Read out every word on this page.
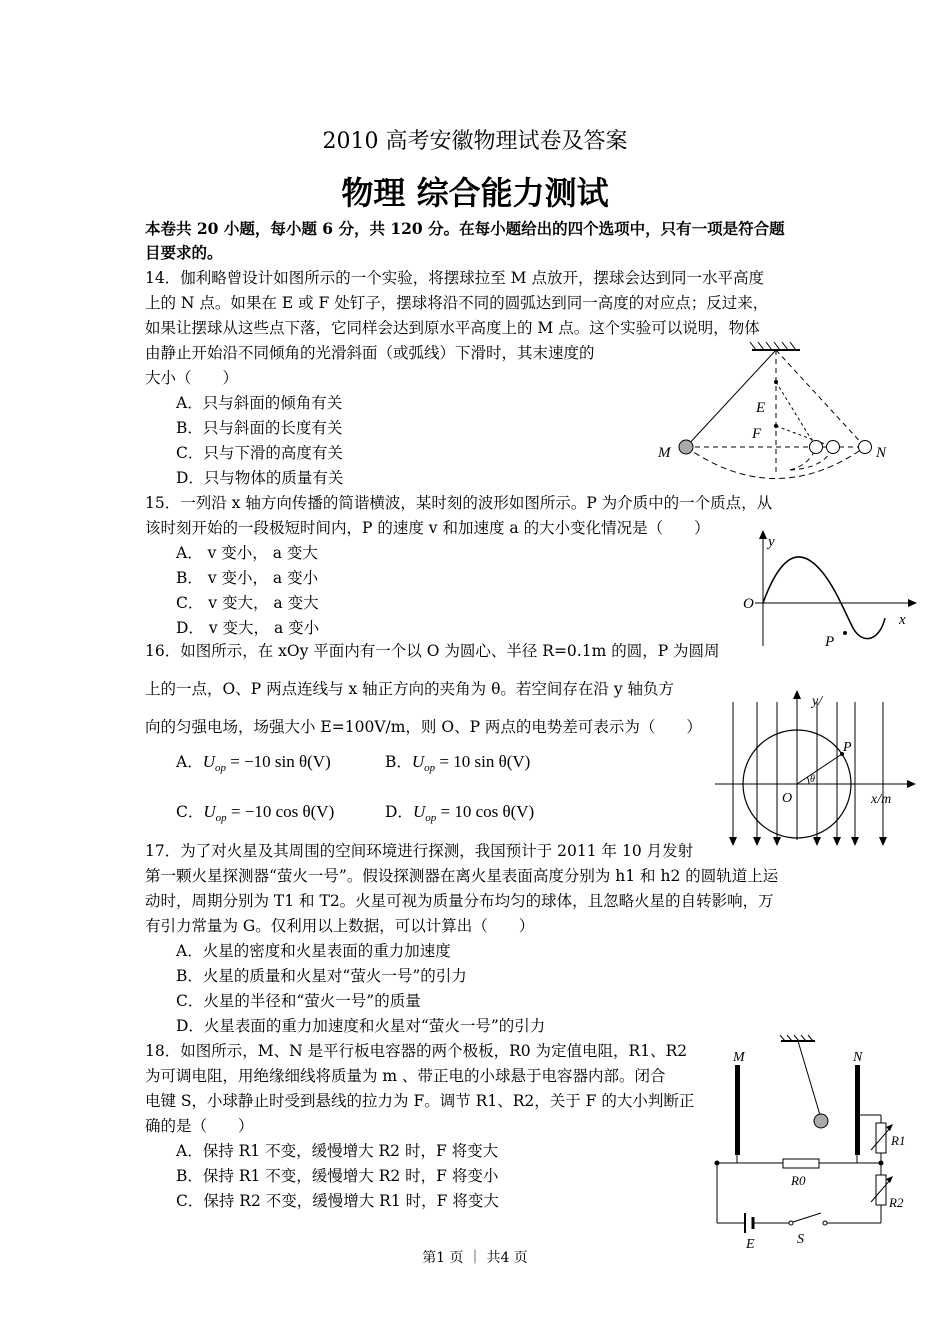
2010 高考安徽物理试卷及答案
物理 综合能力测试
本卷共 20 小题，每小题 6 分，共 120 分。在每小题给出的四个选项中，只有一项是符合题
目要求的。
14．伽利略曾设计如图所示的一个实验，将摆球拉至 M 点放开，摆球会达到同一水平高度
上的 N 点。如果在 E 或 F 处钉子，摆球将沿不同的圆弧达到同一高度的对应点；反过来，
如果让摆球从这些点下落，它同样会达到原水平高度上的 M 点。这个实验可以说明，物体
由静止开始沿不同倾角的光滑斜面（或弧线）下滑时，其末速度的
大小（　　）
A．只与斜面的倾角有关
B．只与斜面的长度有关
C．只与下滑的高度有关
D．只与物体的质量有关
E
F
M	N
15．一列沿 x 轴方向传播的简谐横波，某时刻的波形如图所示。P 为介质中的一个质点，从
该时刻开始的一段极短时间内，P 的速度 v 和加速度 a 的大小变化情况是（　　）
A． v 变小， a 变大
B． v 变小， a 变小
C． v 变大， a 变大
D． v 变大， a 变小
y
O
x
P
16．如图所示，在 xOy 平面内有一个以 O 为圆心、半径 R=0.1m 的圆，P 为圆周
上的一点，O、P 两点连线与 x 轴正方向的夹角为 θ。若空间存在沿 y 轴负方
向的匀强电场，场强大小 E=100V/m，则 O、P 两点的电势差可表示为（　　）
A．$U_{op} = -10$ sin θ(V)	B．$U_{op} = 10$ sin θ(V)
C．$U_{op} = -10$ cos θ(V)	D．$U_{op} = 10$ cos θ(V)
y/
P
θ
O	x/m
17．为了对火星及其周围的空间环境进行探测，我国预计于 2011 年 10 月发射
第一颗火星探测器“萤火一号”。假设探测器在离火星表面高度分别为 h1 和 h2 的圆轨道上运
动时，周期分别为 T1 和 T2。火星可视为质量分布均匀的球体，且忽略火星的自转影响，万
有引力常量为 G。仅利用以上数据，可以计算出（　　）
A．火星的密度和火星表面的重力加速度
B．火星的质量和火星对“萤火一号”的引力
C．火星的半径和“萤火一号”的质量
D．火星表面的重力加速度和火星对“萤火一号”的引力
18．如图所示，M、N 是平行板电容器的两个极板，R0 为定值电阻，R1、R2
为可调电阻，用绝缘细线将质量为 m 、带正电的小球悬于电容器内部。闭合
电键 S，小球静止时受到悬线的拉力为 F。调节 R1、R2，关于 F 的大小判断正
确的是（　　）
A．保持 R1 不变，缓慢增大 R2 时，F 将变大
B．保持 R1 不变，缓慢增大 R2 时，F 将变小
C．保持 R2 不变，缓慢增大 R1 时，F 将变大
M	N
R1
R0
R2
E	S
第1 页 ｜ 共4 页
